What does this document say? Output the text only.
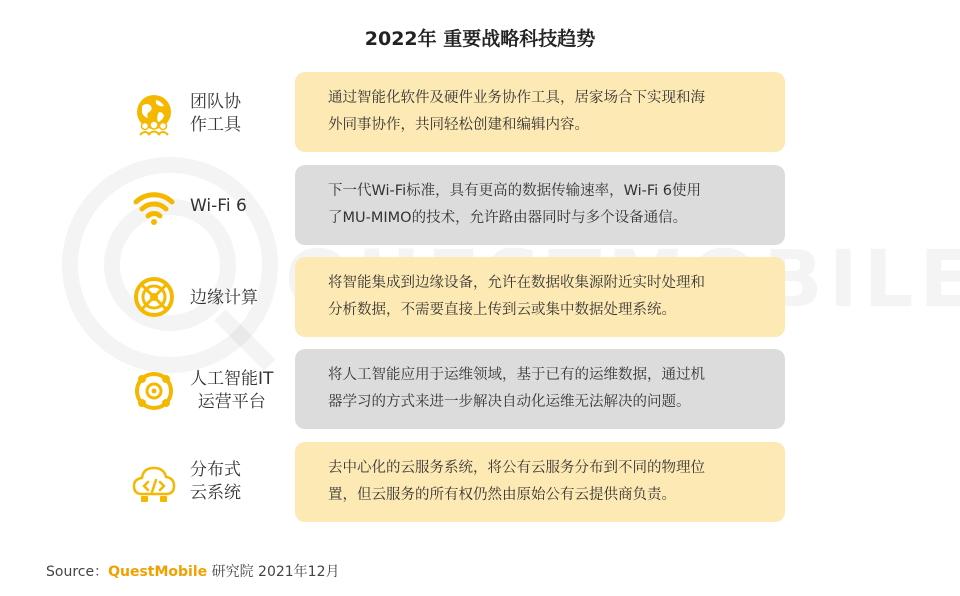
2022年 重要战略科技趋势
团队协
作工具
通过智能化软件及硬件业务协作工具，居家场合下实现和海
外同事协作，共同轻松创建和编辑内容。
Wi-Fi 6
下一代Wi-Fi标准，具有更高的数据传输速率，Wi-Fi 6使用
了MU-MIMO的技术，允许路由器同时与多个设备通信。
边缘计算
将智能集成到边缘设备，允许在数据收集源附近实时处理和
分析数据，不需要直接上传到云或集中数据处理系统。
人工智能IT
运营平台
将人工智能应用于运维领域，基于已有的运维数据，通过机
器学习的方式来进一步解决自动化运维无法解决的问题。
分布式
云系统
去中心化的云服务系统，将公有云服务分布到不同的物理位
置，但云服务的所有权仍然由原始公有云提供商负责。
Source：QuestMobile 研究院 2021年12月
